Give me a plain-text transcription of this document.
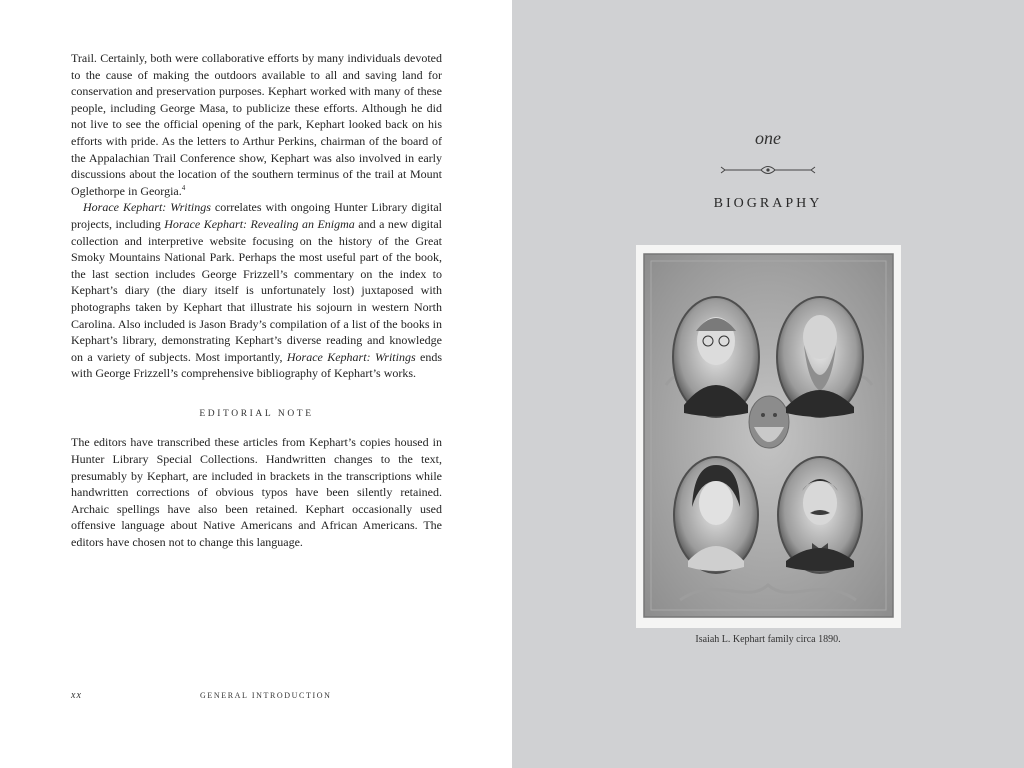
Trail. Certainly, both were collaborative efforts by many individuals devoted to the cause of making the outdoors available to all and saving land for conservation and preservation purposes. Kephart worked with many of these people, including George Masa, to publicize these efforts. Although he did not live to see the official opening of the park, Kephart looked back on his efforts with pride. As the letters to Arthur Perkins, chairman of the board of the Appalachian Trail Conference show, Kephart was also involved in early discussions about the location of the southern terminus of the trail at Mount Oglethorpe in Georgia.$^4$

Horace Kephart: Writings correlates with ongoing Hunter Library digital projects, including Horace Kephart: Revealing an Enigma and a new digital collection and interpretive website focusing on the history of the Great Smoky Mountains National Park. Perhaps the most useful part of the book, the last section includes George Frizzell’s commentary on the index to Kephart’s diary (the diary itself is unfortunately lost) juxtaposed with photographs taken by Kephart that illustrate his sojourn in western North Carolina. Also included is Jason Brady’s compilation of a list of the books in Kephart’s library, demonstrating Kephart’s diverse reading and knowledge on a variety of subjects. Most importantly, Horace Kephart: Writings ends with George Frizzell’s comprehensive bibliography of Kephart’s works.

EDITORIAL NOTE

The editors have transcribed these articles from Kephart’s copies housed in Hunter Library Special Collections. Handwritten changes to the text, presumably by Kephart, are included in brackets in the transcriptions while handwritten corrections of obvious typos have been silently retained. Archaic spellings have also been retained. Kephart occasionally used offensive language about Native Americans and African Americans. The editors have chosen not to change this language.

xx	GENERAL INTRODUCTION
one
BIOGRAPHY
Isaiah L. Kephart family circa 1890.
